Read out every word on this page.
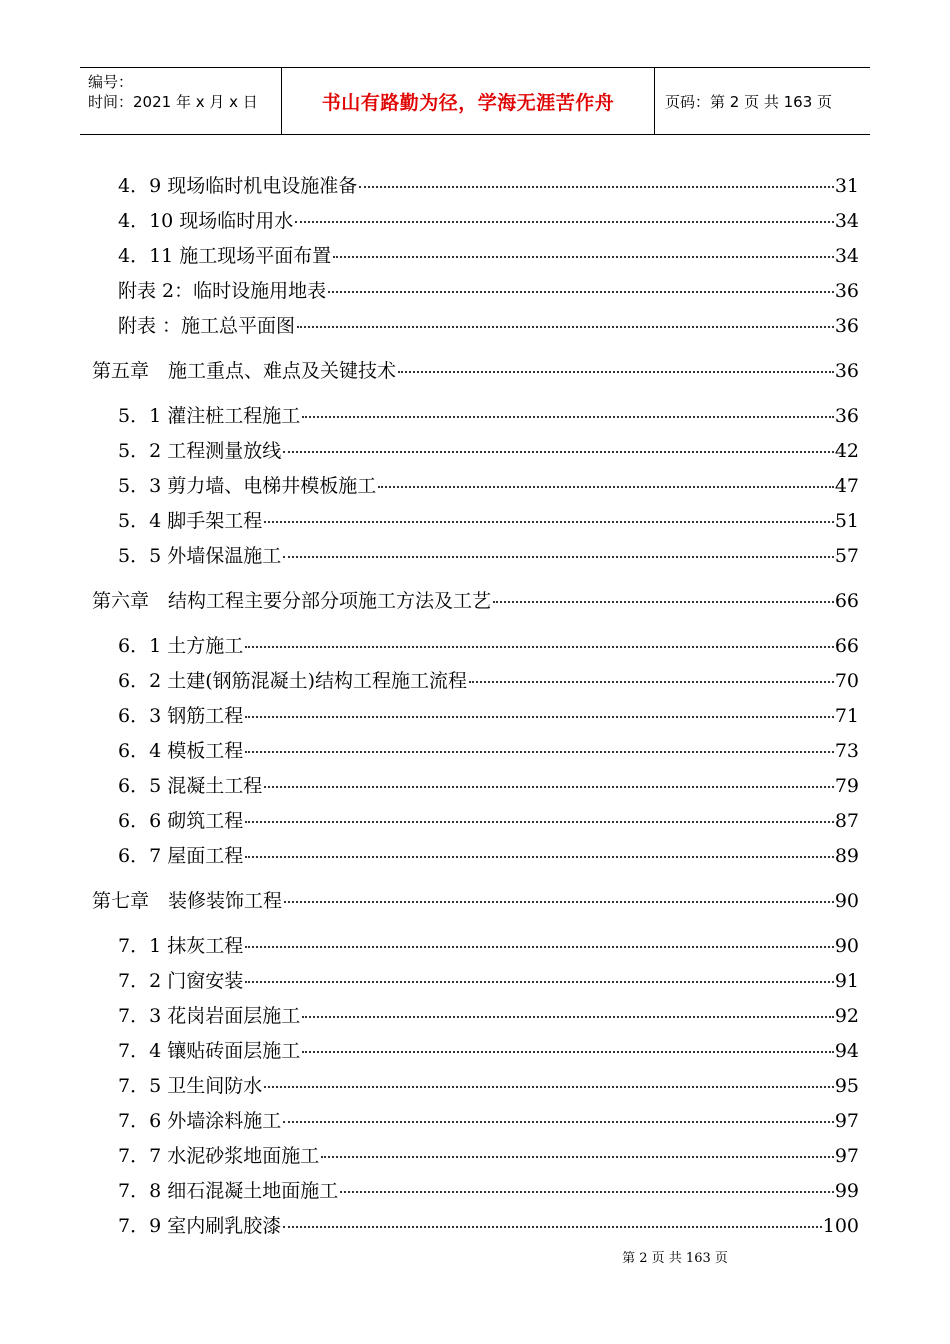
编号：
时间：2021 年 x 月 x 日	书山有路勤为径，学海无涯苦作舟	页码：第 2 页 共 163 页
4．9 现场临时机电设施准备	31
4．10 现场临时用水	34
4．11 施工现场平面布置	34
附表 2：临时设施用地表	36
附表 ：施工总平面图	36
第五章　施工重点、难点及关键技术	36
5．1 灌注桩工程施工	36
5．2 工程测量放线	42
5．3 剪力墙、电梯井模板施工	47
5．4 脚手架工程	51
5．5 外墙保温施工	57
第六章　结构工程主要分部分项施工方法及工艺	66
6．1 土方施工	66
6．2 土建(钢筋混凝土)结构工程施工流程	70
6．3 钢筋工程	71
6．4 模板工程	73
6．5 混凝土工程	79
6．6 砌筑工程	87
6．7 屋面工程	89
第七章　装修装饰工程	90
7．1 抹灰工程	90
7．2 门窗安装	91
7．3 花岗岩面层施工	92
7．4 镶贴砖面层施工	94
7．5 卫生间防水	95
7．6 外墙涂料施工	97
7．7 水泥砂浆地面施工	97
7．8 细石混凝土地面施工	99
7．9 室内刷乳胶漆	100
第 2 页 共 163 页
